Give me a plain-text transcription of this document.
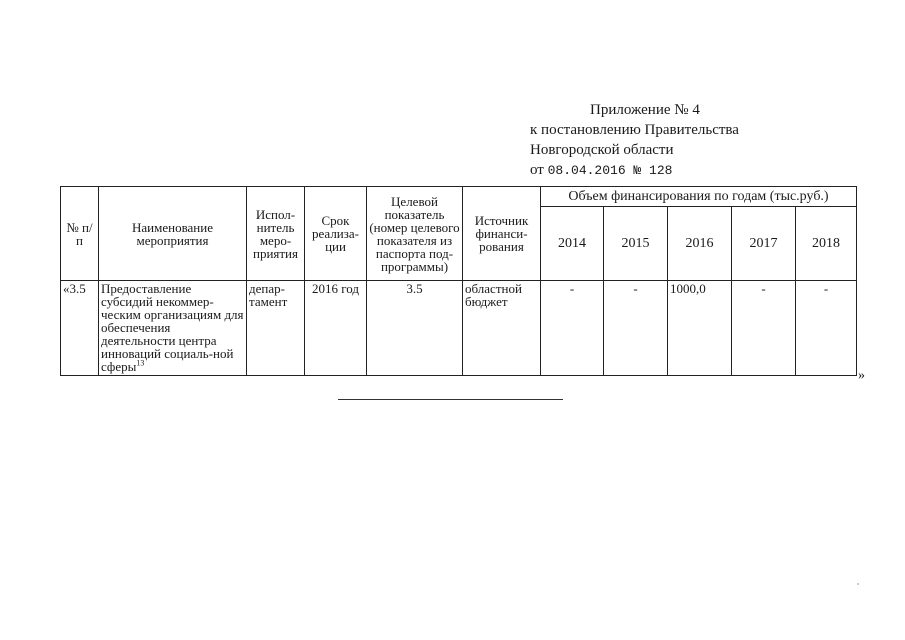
Приложение № 4
к постановлению Правительства
Новгородской области
от 08.04.2016 № 128
№ п/п	Наименование мероприятия	Испол-нитель меро-приятия	Срок реализа-ции	Целевой показатель (номер целевого показателя из паспорта под-программы)	Источник финанси-рования	Объем финансирования по годам (тыс.руб.)				
						2014	2015	2016	2017	2018
«3.5	Предоставление субсидий некоммер-ческим организациям для обеспечения деятельности центра инноваций социаль-ной сферы$^{13}$	депар-тамент	2016 год	3.5	областной бюджет	-	-	1000,0	-	-
»
